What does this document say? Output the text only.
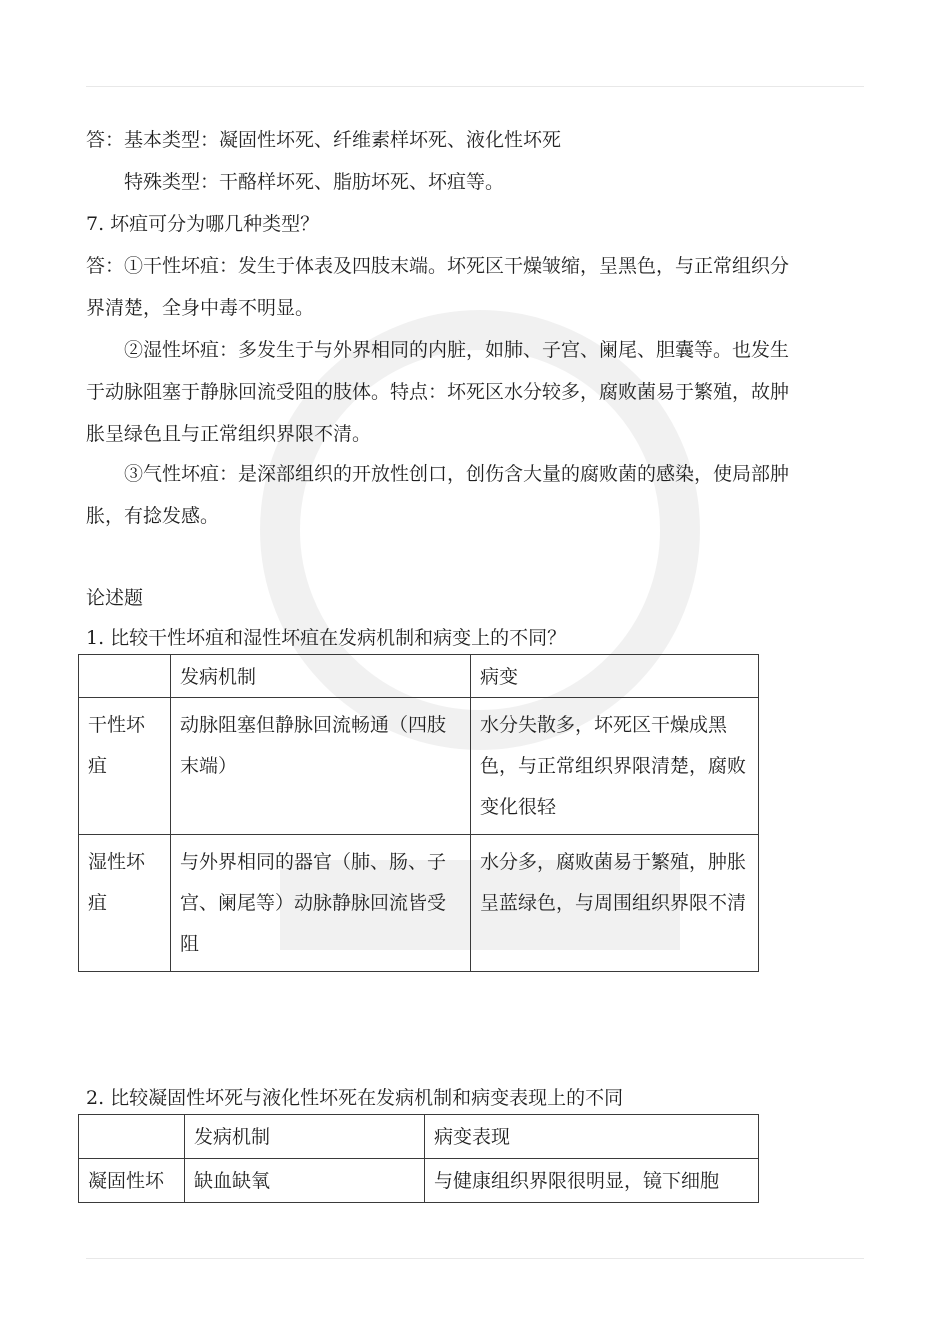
答：基本类型：凝固性坏死、纤维素样坏死、液化性坏死
特殊类型：干酪样坏死、脂肪坏死、坏疽等。
7. 坏疽可分为哪几种类型？
答：①干性坏疽：发生于体表及四肢末端。坏死区干燥皱缩，呈黑色，与正常组织分
界清楚，全身中毒不明显。
②湿性坏疽：多发生于与外界相同的内脏，如肺、子宫、阑尾、胆囊等。也发生
于动脉阻塞于静脉回流受阻的肢体。特点：坏死区水分较多，腐败菌易于繁殖，故肿
胀呈绿色且与正常组织界限不清。
③气性坏疽：是深部组织的开放性创口，创伤含大量的腐败菌的感染，使局部肿
胀，有捻发感。
论述题
1. 比较干性坏疽和湿性坏疽在发病机制和病变上的不同？
	发病机制	病变
干性坏疽	动脉阻塞但静脉回流畅通（四肢末端）	水分失散多，坏死区干燥成黑色，与正常组织界限清楚，腐败变化很轻
湿性坏疽	与外界相同的器官（肺、肠、子宫、阑尾等）动脉静脉回流皆受阻	水分多，腐败菌易于繁殖，肿胀呈蓝绿色，与周围组织界限不清
2. 比较凝固性坏死与液化性坏死在发病机制和病变表现上的不同
	发病机制	病变表现
凝固性坏	缺血缺氧	与健康组织界限很明显，镜下细胞
